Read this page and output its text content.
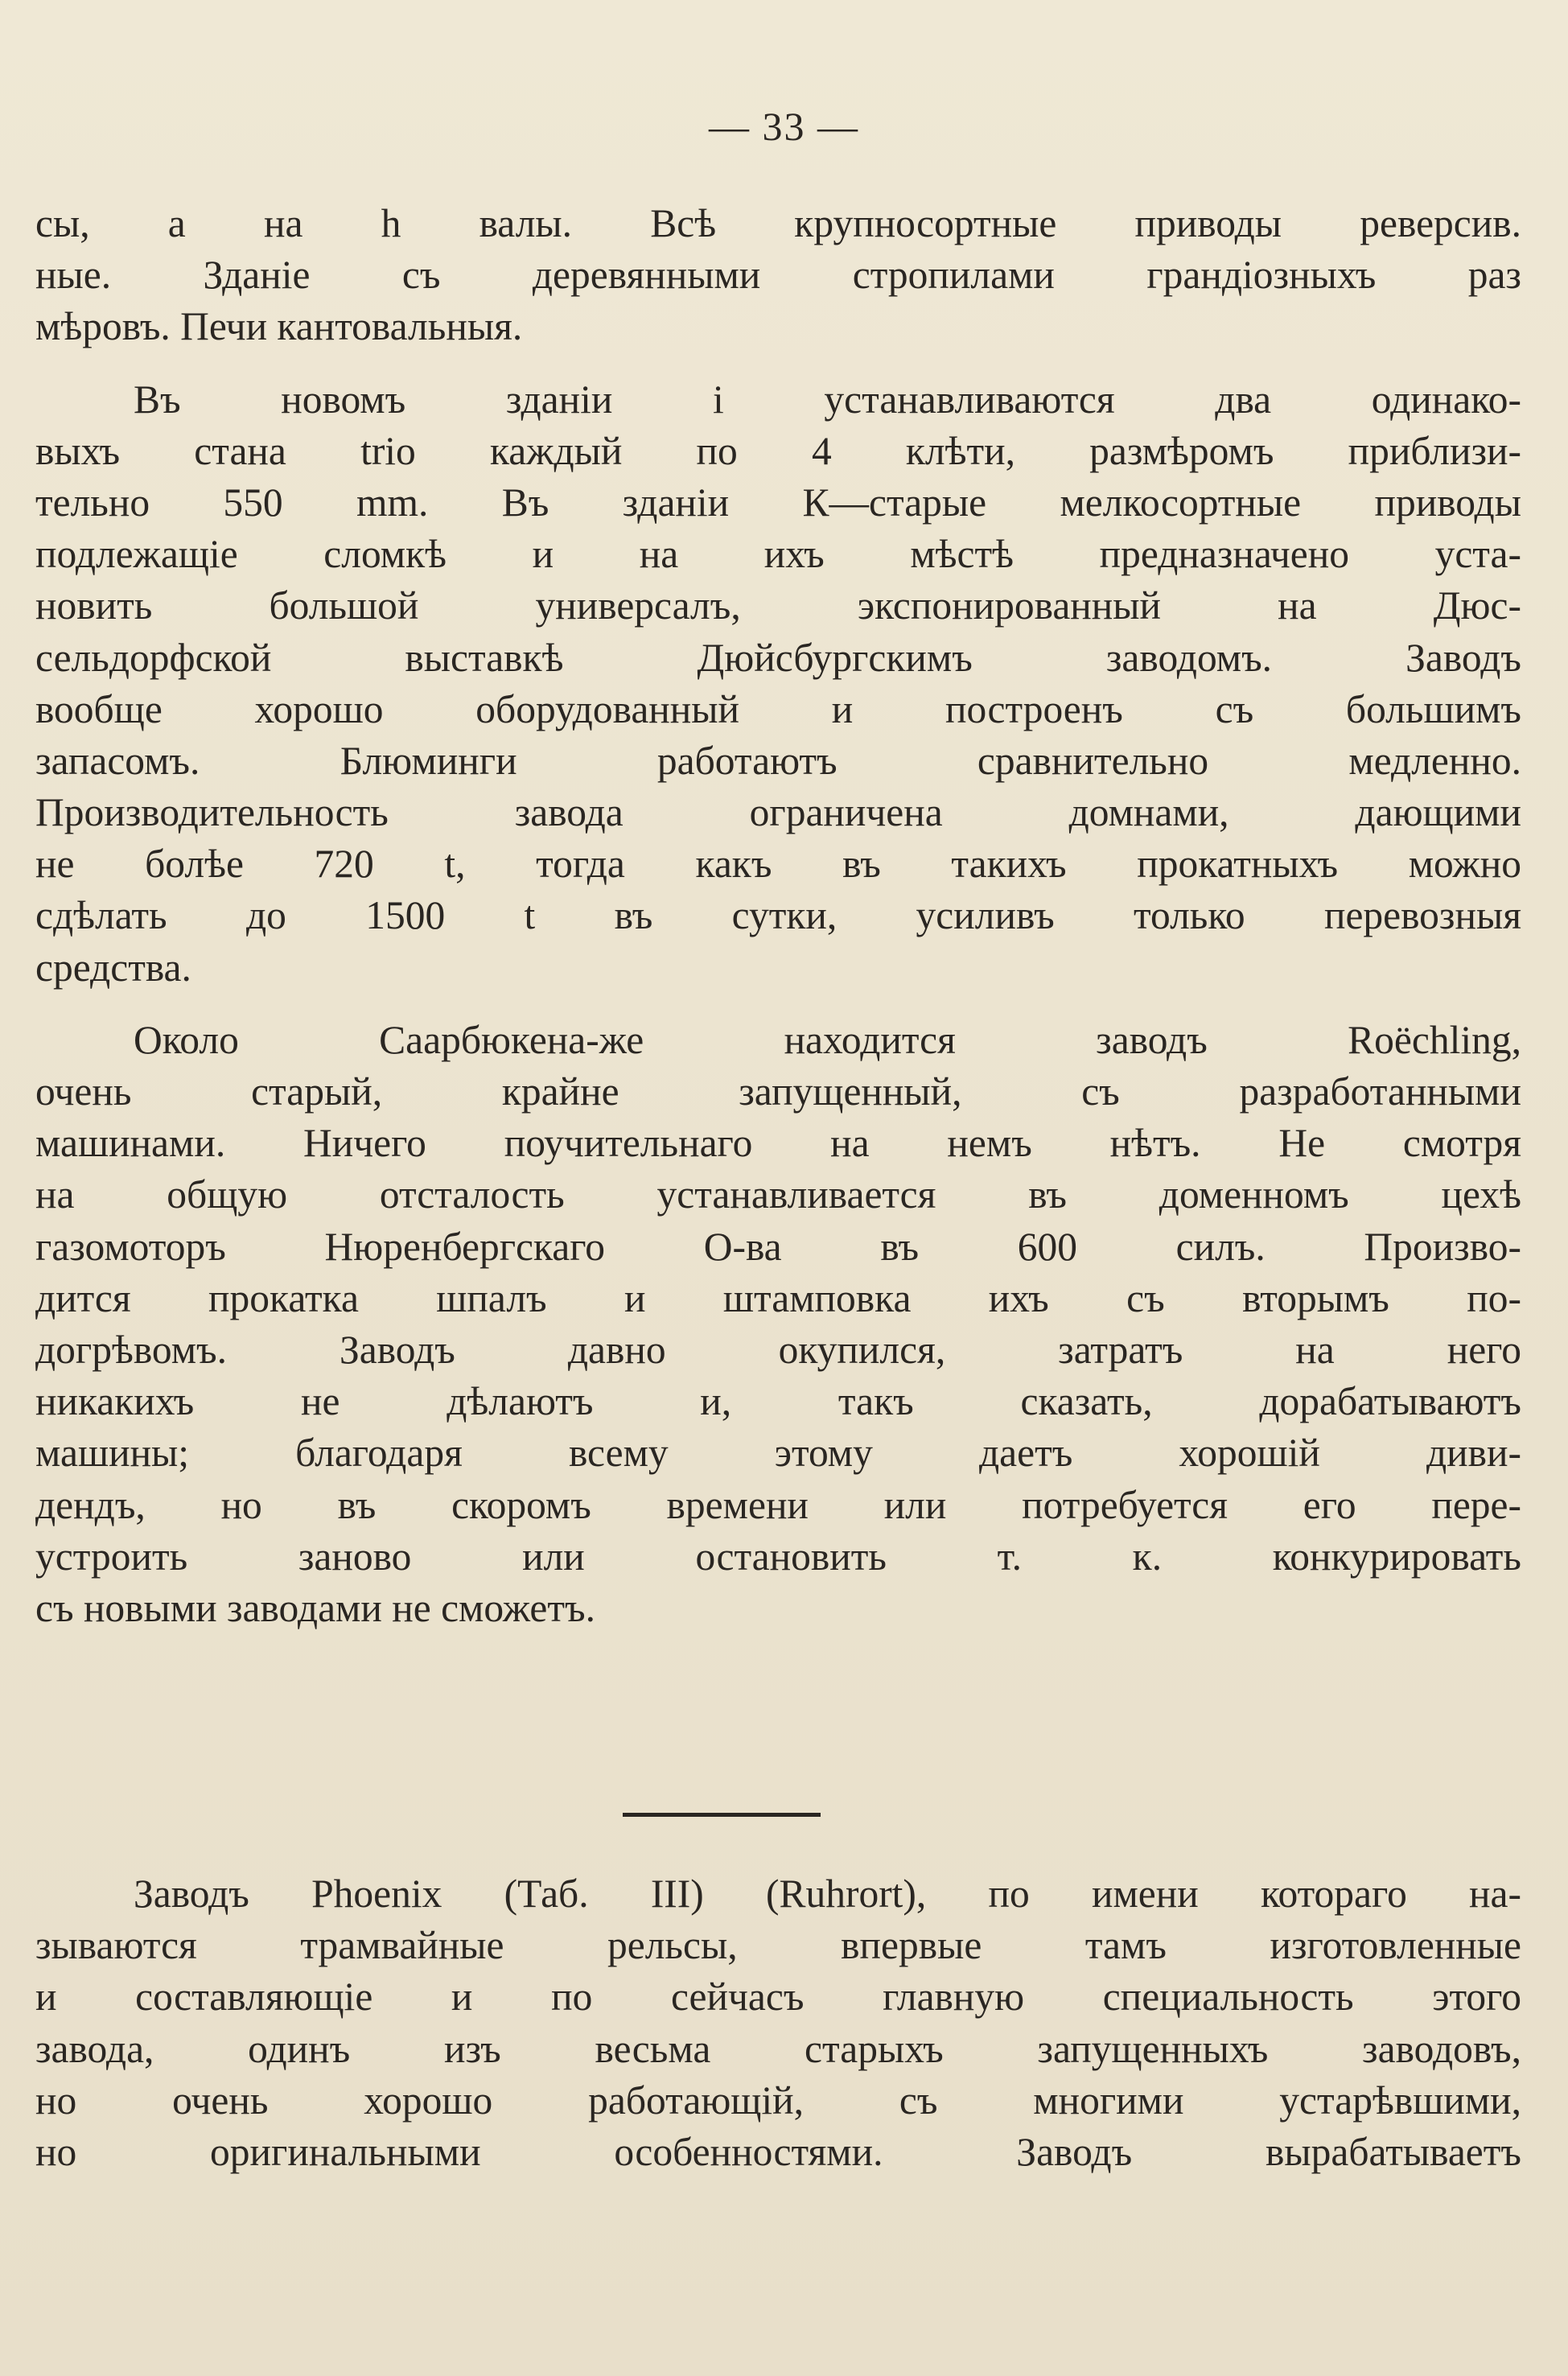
— 33 —

сы, а на h валы. Всѣ крупносортные приводы реверсив.
ные. Зданіе съ деревянными стропилами грандіозныхъ раз
мѣровъ. Печи кантовальныя.
Въ новомъ зданіи і устанавливаются два одинако-
выхъ стана trio каждый по 4 клѣти, размѣромъ приблизи-
тельно 550 mm. Въ зданіи К—старые мелкосортные приводы
подлежащіе сломкѣ и на ихъ мѣстѣ предназначено уста-
новить большой универсалъ, экспонированный на Дюс-
сельдорфской выставкѣ Дюйсбургскимъ заводомъ. Заводъ
вообще хорошо оборудованный и построенъ съ большимъ
запасомъ. Блюминги работаютъ сравнительно медленно.
Производительность завода ограничена домнами, дающими
не болѣе 720 t, тогда какъ въ такихъ прокатныхъ можно
сдѣлать до 1500 t въ сутки, усиливъ только перевозныя
средства.
Около Саарбюкена-же находится заводъ Roëchling,
очень старый, крайне запущенный, съ разработанными
машинами. Ничего поучительнаго на немъ нѣтъ. Не смотря
на общую отсталость устанавливается въ доменномъ цехѣ
газомоторъ Нюренбергскаго О-ва въ 600 силъ. Произво-
дится прокатка шпалъ и штамповка ихъ съ вторымъ по-
догрѣвомъ. Заводъ давно окупился, затратъ на него
никакихъ не дѣлаютъ и, такъ сказать, дорабатываютъ
машины; благодаря всему этому даетъ хорошій диви-
дендъ, но въ скоромъ времени или потребуется его пере-
устроить заново или остановить т. к. конкурировать
съ новыми заводами не сможетъ.
Заводъ Phoenix (Таб. III) (Ruhrort), по имени котораго на-
зываются трамвайные рельсы, впервые тамъ изготовленные
и составляющіе и по сейчасъ главную специальность этого
завода, одинъ изъ весьма старыхъ запущенныхъ заводовъ,
но очень хорошо работающій, съ многими устарѣвшими,
но оригинальными особенностями. Заводъ вырабатываетъ
